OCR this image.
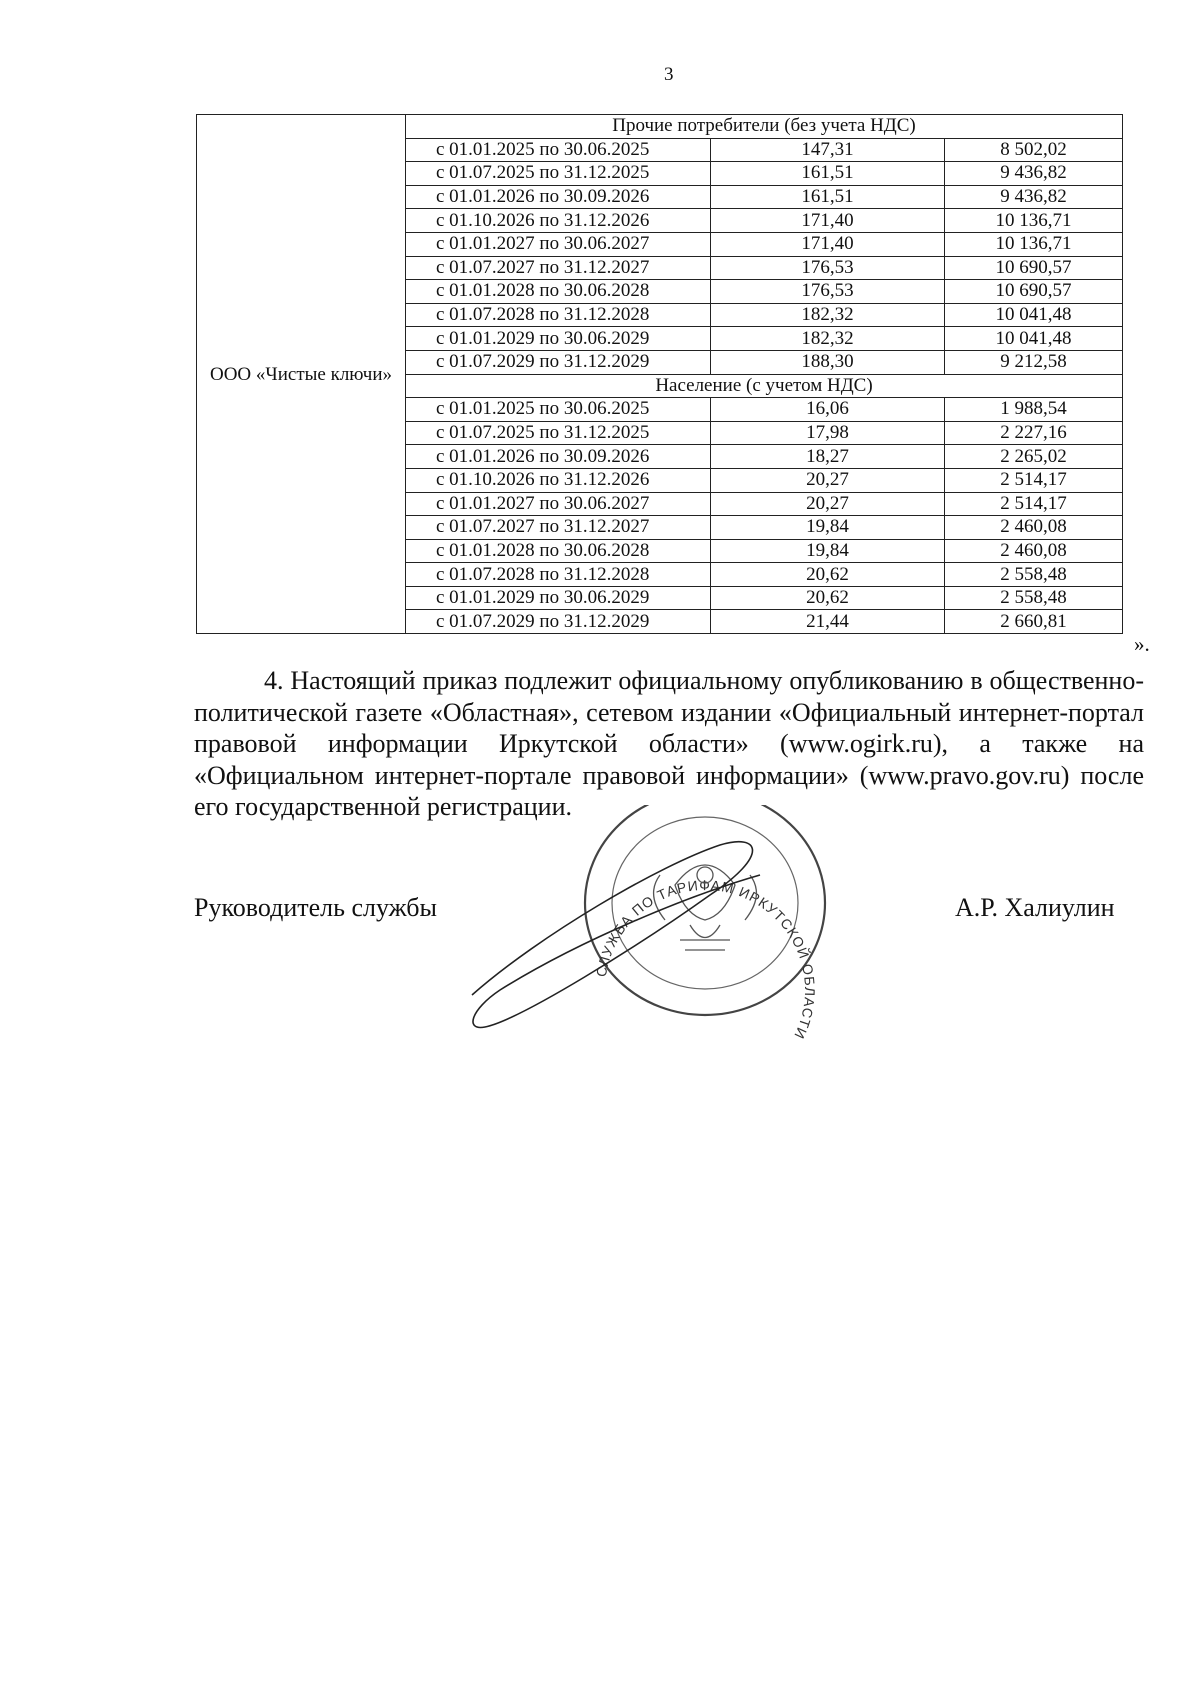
3
ООО «Чистые ключи»	Прочие потребители (без учета НДС)		
	с 01.01.2025 по 30.06.2025	147,31	8 502,02
	с 01.07.2025 по 31.12.2025	161,51	9 436,82
	с 01.01.2026 по 30.09.2026	161,51	9 436,82
	с 01.10.2026 по 31.12.2026	171,40	10 136,71
	с 01.01.2027 по 30.06.2027	171,40	10 136,71
	с 01.07.2027 по 31.12.2027	176,53	10 690,57
	с 01.01.2028 по 30.06.2028	176,53	10 690,57
	с 01.07.2028 по 31.12.2028	182,32	10 041,48
	с 01.01.2029 по 30.06.2029	182,32	10 041,48
	с 01.07.2029 по 31.12.2029	188,30	9 212,58
	Население (с учетом НДС)		
	с 01.01.2025 по 30.06.2025	16,06	1 988,54
	с 01.07.2025 по 31.12.2025	17,98	2 227,16
	с 01.01.2026 по 30.09.2026	18,27	2 265,02
	с 01.10.2026 по 31.12.2026	20,27	2 514,17
	с 01.01.2027 по 30.06.2027	20,27	2 514,17
	с 01.07.2027 по 31.12.2027	19,84	2 460,08
	с 01.01.2028 по 30.06.2028	19,84	2 460,08
	с 01.07.2028 по 31.12.2028	20,62	2 558,48
	с 01.01.2029 по 30.06.2029	20,62	2 558,48
	с 01.07.2029 по 31.12.2029	21,44	2 660,81
».
4. Настоящий приказ подлежит официальному опубликованию в общественно-политической газете «Областная», сетевом издании «Официальный интернет-портал правовой информации Иркутской области» (www.ogirk.ru), а также на «Официальном интернет-портале правовой информации» (www.pravo.gov.ru) после его государственной регистрации.
Руководитель службы	А.Р. Халиулин
СЛУЖБА ПО ТАРИФАМ ИРКУТСКОЙ ОБЛАСТИ
